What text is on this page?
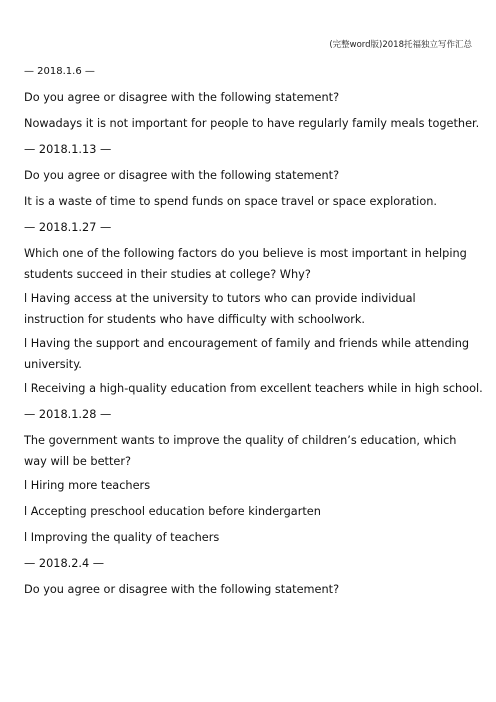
(完整word版)2018托福独立写作汇总
— 2018.1.6 —
Do you agree or disagree with the following statement?
Nowadays it is not important for people to have regularly family meals together.
— 2018.1.13 —
Do you agree or disagree with the following statement?
It is a waste of time to spend funds on space travel or space exploration.
— 2018.1.27 —
Which one of the following factors do you believe is most important in helping students succeed in their studies at college? Why?
l Having access at the university to tutors who can provide individual instruction for students who have difficulty with schoolwork.
l Having the support and encouragement of family and friends while attending university.
l Receiving a high-quality education from excellent teachers while in high school.
— 2018.1.28 —
The government wants to improve the quality of children’s education, which way will be better?
l Hiring more teachers
l Accepting preschool education before kindergarten
l Improving the quality of teachers
— 2018.2.4 —
Do you agree or disagree with the following statement?
